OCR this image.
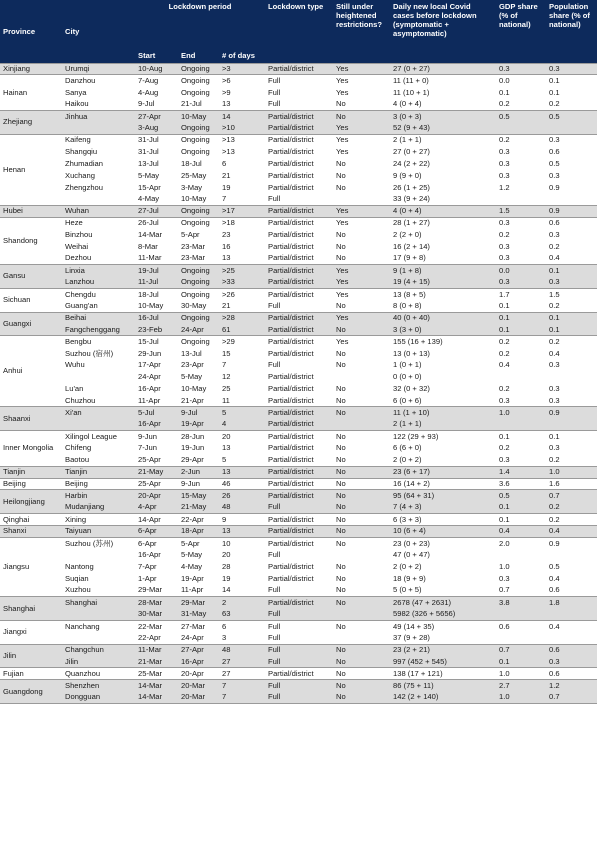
Province	City	Lockdown period			Lockdown type	Still under heightened restrictions?	Daily new local Covid cases before lockdown (symptomatic + asymptomatic)	GDP share (% of national)	Population share (% of national)
		Start	End	# of days					
Xinjiang	Urumqi	10-Aug	Ongoing	>3	Partial/district	Yes	27 (0 + 27)	0.3	0.3
Hainan	Danzhou	7-Aug	Ongoing	>6	Full	Yes	11 (11 + 0)	0.0	0.1
	Sanya	4-Aug	Ongoing	>9	Full	Yes	11 (10 + 1)	0.1	0.1
	Haikou	9-Jul	21-Jul	13	Full	No	4 (0 + 4)	0.2	0.2
Zhejiang	Jinhua	27-Apr	10-May	14	Partial/district	No	3 (0 + 3)	0.5	0.5
		3-Aug	Ongoing	>10	Partial/district	Yes	52 (9 + 43)		
Henan	Kaifeng	31-Jul	Ongoing	>13	Partial/district	Yes	2 (1 + 1)	0.2	0.3
	Shangqiu	31-Jul	Ongoing	>13	Partial/district	Yes	27 (0 + 27)	0.3	0.6
	Zhumadian	13-Jul	18-Jul	6	Partial/district	No	24 (2 + 22)	0.3	0.5
	Xuchang	5-May	25-May	21	Partial/district	No	9 (9 + 0)	0.3	0.3
	Zhengzhou	15-Apr	3-May	19	Partial/district	No	26 (1 + 25)	1.2	0.9
		4-May	10-May	7	Full		33 (9 + 24)		
Hubei	Wuhan	27-Jul	Ongoing	>17	Partial/district	Yes	4 (0 + 4)	1.5	0.9
Shandong	Heze	26-Jul	Ongoing	>18	Partial/district	Yes	28 (1 + 27)	0.3	0.6
	Binzhou	14-Mar	5-Apr	23	Partial/district	No	2 (2 + 0)	0.2	0.3
	Weihai	8-Mar	23-Mar	16	Partial/district	No	16 (2 + 14)	0.3	0.2
	Dezhou	11-Mar	23-Mar	13	Partial/district	No	17 (9 + 8)	0.3	0.4
Gansu	Linxia	19-Jul	Ongoing	>25	Partial/district	Yes	9 (1 + 8)	0.0	0.1
	Lanzhou	11-Jul	Ongoing	>33	Partial/district	Yes	19 (4 + 15)	0.3	0.3
Sichuan	Chengdu	18-Jul	Ongoing	>26	Partial/district	Yes	13 (8 + 5)	1.7	1.5
	Guang'an	10-May	30-May	21	Full	No	8 (0 + 8)	0.1	0.2
Guangxi	Beihai	16-Jul	Ongoing	>28	Partial/district	Yes	40 (0 + 40)	0.1	0.1
	Fangchenggang	23-Feb	24-Apr	61	Partial/district	No	3 (3 + 0)	0.1	0.1
Anhui	Bengbu	15-Jul	Ongoing	>29	Partial/district	Yes	155 (16 + 139)	0.2	0.2
	Suzhou (宿州)	29-Jun	13-Jul	15	Partial/district	No	13 (0 + 13)	0.2	0.4
	Wuhu	17-Apr	23-Apr	7	Full	No	1 (0 + 1)	0.4	0.3
		24-Apr	5-May	12	Partial/district		0 (0 + 0)		
	Lu'an	16-Apr	10-May	25	Partial/district	No	32 (0 + 32)	0.2	0.3
	Chuzhou	11-Apr	21-Apr	11	Partial/district	No	6 (0 + 6)	0.3	0.3
Shaanxi	Xi'an	5-Jul	9-Jul	5	Partial/district	No	11 (1 + 10)	1.0	0.9
		16-Apr	19-Apr	4	Partial/district		2 (1 + 1)		
Inner Mongolia	Xilingol League	9-Jun	28-Jun	20	Partial/district	No	122 (29 + 93)	0.1	0.1
	Chifeng	7-Jun	19-Jun	13	Partial/district	No	6 (6 + 0)	0.2	0.3
	Baotou	25-Apr	29-Apr	5	Partial/district	No	2 (0 + 2)	0.3	0.2
Tianjin	Tianjin	21-May	2-Jun	13	Partial/district	No	23 (6 + 17)	1.4	1.0
Beijing	Beijing	25-Apr	9-Jun	46	Partial/district	No	16 (14 + 2)	3.6	1.6
Heilongjiang	Harbin	20-Apr	15-May	26	Partial/district	No	95 (64 + 31)	0.5	0.7
	Mudanjiang	4-Apr	21-May	48	Full	No	7 (4 + 3)	0.1	0.2
Qinghai	Xining	14-Apr	22-Apr	9	Partial/district	No	6 (3 + 3)	0.1	0.2
Shanxi	Taiyuan	6-Apr	18-Apr	13	Partial/district	No	10 (6 + 4)	0.4	0.4
Jiangsu	Suzhou (苏州)	6-Apr	5-Apr	10	Partial/district	No	23 (0 + 23)	2.0	0.9
		16-Apr	5-May	20	Full		47 (0 + 47)		
	Nantong	7-Apr	4-May	28	Partial/district	No	2 (0 + 2)	1.0	0.5
	Suqian	1-Apr	19-Apr	19	Partial/district	No	18 (9 + 9)	0.3	0.4
	Xuzhou	29-Mar	11-Apr	14	Full	No	5 (0 + 5)	0.7	0.6
Shanghai	Shanghai	28-Mar	29-Mar	2	Partial/district	No	2678 (47 + 2631)	3.8	1.8
		30-Mar	31-May	63	Full		5982 (326 + 5656)		
Jiangxi	Nanchang	22-Mar	27-Mar	6	Full	No	49 (14 + 35)	0.6	0.4
		22-Apr	24-Apr	3	Full		37 (9 + 28)		
Jilin	Changchun	11-Mar	27-Apr	48	Full	No	23 (2 + 21)	0.7	0.6
	Jilin	21-Mar	16-Apr	27	Full	No	997 (452 + 545)	0.1	0.3
Fujian	Quanzhou	25-Mar	20-Apr	27	Partial/district	No	138 (17 + 121)	1.0	0.6
Guangdong	Shenzhen	14-Mar	20-Mar	7	Full	No	86 (75 + 11)	2.7	1.2
	Dongguan	14-Mar	20-Mar	7	Full	No	142 (2 + 140)	1.0	0.7
